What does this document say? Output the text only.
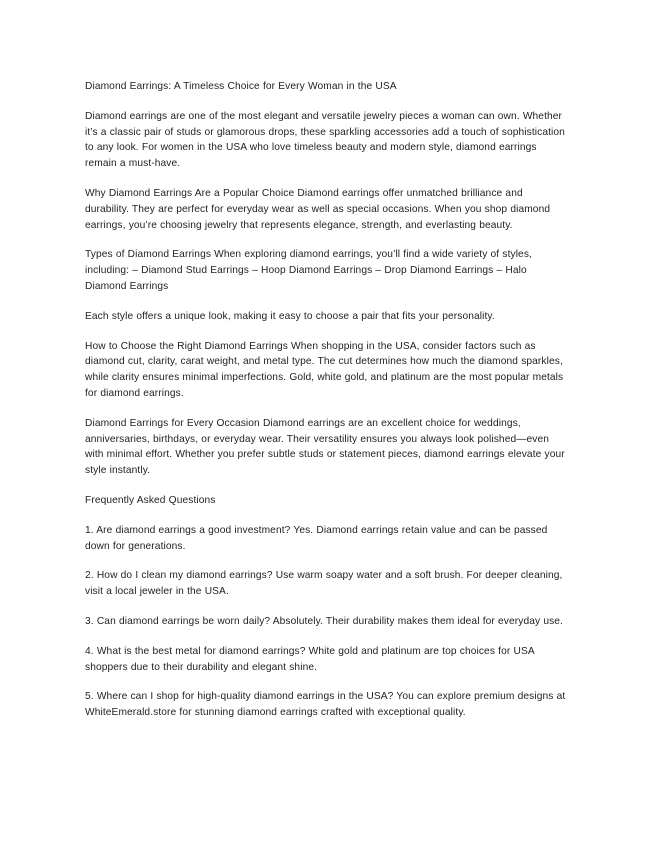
Diamond Earrings: A Timeless Choice for Every Woman in the USA

Diamond earrings are one of the most elegant and versatile jewelry pieces a woman can own. Whether it’s a classic pair of studs or glamorous drops, these sparkling accessories add a touch of sophistication to any look. For women in the USA who love timeless beauty and modern style, diamond earrings remain a must-have.

Why Diamond Earrings Are a Popular Choice Diamond earrings offer unmatched brilliance and durability. They are perfect for everyday wear as well as special occasions. When you shop diamond earrings, you’re choosing jewelry that represents elegance, strength, and everlasting beauty.

Types of Diamond Earrings When exploring diamond earrings, you’ll find a wide variety of styles, including: – Diamond Stud Earrings – Hoop Diamond Earrings – Drop Diamond Earrings – Halo Diamond Earrings

Each style offers a unique look, making it easy to choose a pair that fits your personality.

How to Choose the Right Diamond Earrings When shopping in the USA, consider factors such as diamond cut, clarity, carat weight, and metal type. The cut determines how much the diamond sparkles, while clarity ensures minimal imperfections. Gold, white gold, and platinum are the most popular metals for diamond earrings.

Diamond Earrings for Every Occasion Diamond earrings are an excellent choice for weddings, anniversaries, birthdays, or everyday wear. Their versatility ensures you always look polished—even with minimal effort. Whether you prefer subtle studs or statement pieces, diamond earrings elevate your style instantly.

Frequently Asked Questions

1. Are diamond earrings a good investment? Yes. Diamond earrings retain value and can be passed down for generations.

2. How do I clean my diamond earrings? Use warm soapy water and a soft brush. For deeper cleaning, visit a local jeweler in the USA.

3. Can diamond earrings be worn daily? Absolutely. Their durability makes them ideal for everyday use.

4. What is the best metal for diamond earrings? White gold and platinum are top choices for USA shoppers due to their durability and elegant shine.

5. Where can I shop for high-quality diamond earrings in the USA? You can explore premium designs at WhiteEmerald.store for stunning diamond earrings crafted with exceptional quality.
